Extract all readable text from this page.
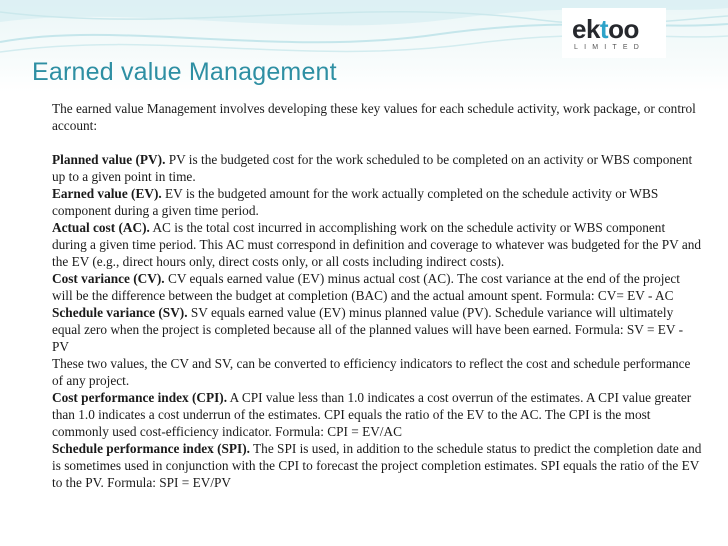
ektoo
LIMITED
Earned value Management

The earned value Management involves developing these key values for each schedule activity, work package, or control account:

Planned value (PV). PV is the budgeted cost for the work scheduled to be completed on an activity or WBS component up to a given point in time.

Earned value (EV). EV is the budgeted amount for the work actually completed on the schedule activity or WBS component during a given time period.

Actual cost (AC). AC is the total cost incurred in accomplishing work on the schedule activity or WBS component during a given time period. This AC must correspond in definition and coverage to whatever was budgeted for the PV and the EV (e.g., direct hours only, direct costs only, or all costs including indirect costs).

Cost variance (CV). CV equals earned value (EV) minus actual cost (AC). The cost variance at the end of the project will be the difference between the budget at completion (BAC) and the actual amount spent. Formula: CV= EV - AC

Schedule variance (SV). SV equals earned value (EV) minus planned value (PV). Schedule variance will ultimately equal zero when the project is completed because all of the planned values will have been earned. Formula: SV = EV - PV

These two values, the CV and SV, can be converted to efficiency indicators to reflect the cost and schedule performance of any project.

Cost performance index (CPI). A CPI value less than 1.0 indicates a cost overrun of the estimates. A CPI value greater than 1.0 indicates a cost underrun of the estimates. CPI equals the ratio of the EV to the AC. The CPI is the most commonly used cost-efficiency indicator. Formula: CPI = EV/AC

Schedule performance index (SPI). The SPI is used, in addition to the schedule status to predict the completion date and is sometimes used in conjunction with the CPI to forecast the project completion estimates. SPI equals the ratio of the EV to the PV. Formula: SPI = EV/PV
